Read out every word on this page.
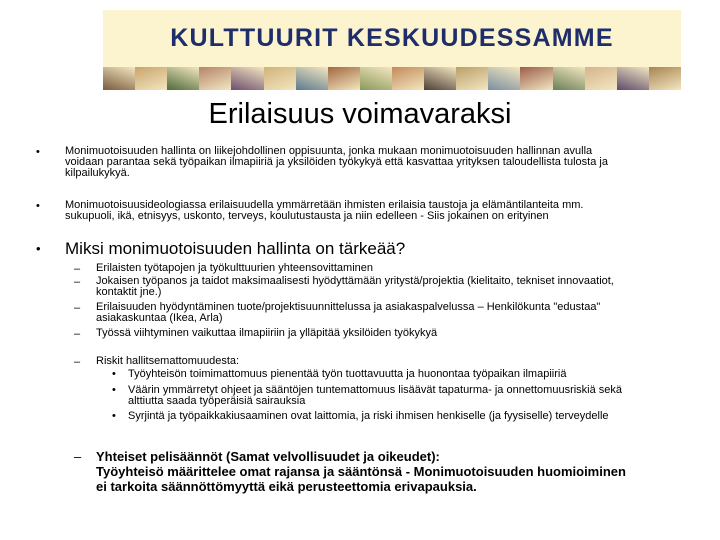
KULTTUURIT KESKUUDESSAMME
Erilaisuus voimavaraksi
• Monimuotoisuuden hallinta on liikejohdollinen oppisuunta, jonka mukaan monimuotoisuuden hallinnan avulla
voidaan parantaa sekä työpaikan ilmapiiriä ja yksilöiden työkykyä että kasvattaa yrityksen taloudellista tulosta ja
kilpailukykyä.
• Monimuotoisuusideologiassa erilaisuudella ymmärretään ihmisten erilaisia taustoja ja elämäntilanteita mm.
sukupuoli, ikä, etnisyys, uskonto, terveys, koulutustausta ja niin edelleen - Siis jokainen on erityinen
• Miksi monimuotoisuuden hallinta on tärkeää?
– Erilaisten työtapojen ja työkulttuurien yhteensovittaminen
– Jokaisen työpanos ja taidot maksimaalisesti hyödyttämään yritystä/projektia (kielitaito, tekniset innovaatiot,
kontaktit jne.)
– Erilaisuuden hyödyntäminen tuote/projektisuunnittelussa ja asiakaspalvelussa – Henkilökunta "edustaa"
asiakaskuntaa (Ikea, Arla)
– Työssä viihtyminen vaikuttaa ilmapiiriin ja ylläpitää yksilöiden työkykyä
– Riskit hallitsemattomuudesta:
• Työyhteisön toimimattomuus pienentää työn tuottavuutta ja huonontaa työpaikan ilmapiiriä
• Väärin ymmärretyt ohjeet ja sääntöjen tuntemattomuus lisäävät tapaturma- ja onnettomuusriskiä sekä
alttiutta saada työperäisiä sairauksia
• Syrjintä ja työpaikkakiusaaminen ovat laittomia, ja riski ihmisen henkiselle (ja fyysiselle) terveydelle
– Yhteiset pelisäännöt (Samat velvollisuudet ja oikeudet):
Työyhteisö määrittelee omat rajansa ja sääntönsä - Monimuotoisuuden huomioiminen
ei tarkoita säännöttömyyttä eikä perusteettomia erivapauksia.
